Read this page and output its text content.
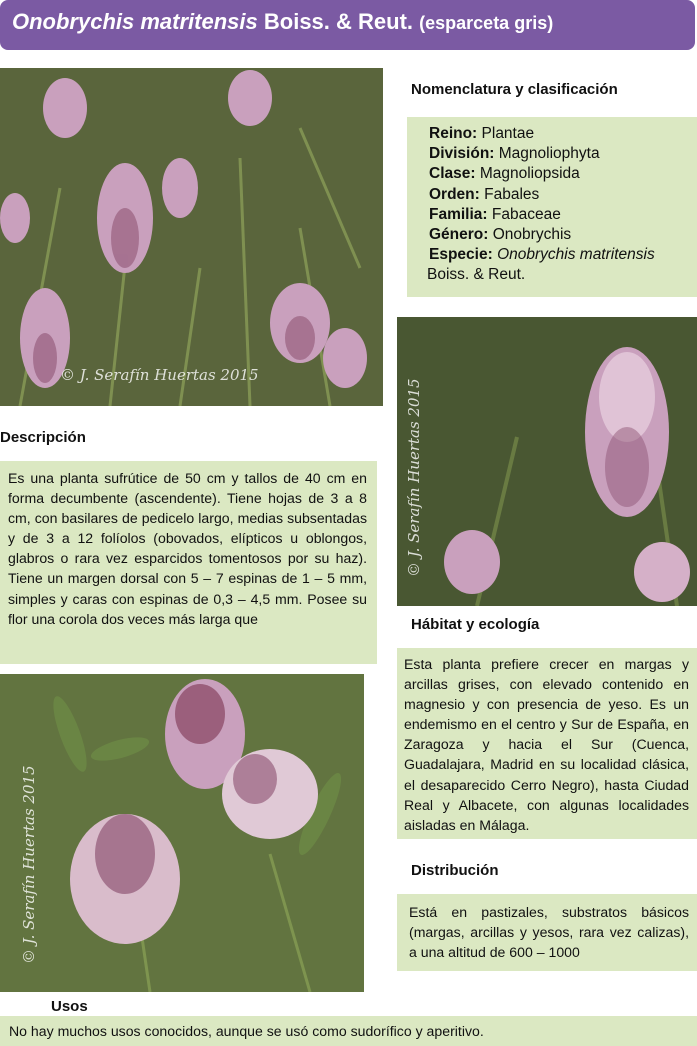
Onobrychis matritensis Boiss. & Reut. (esparceta gris)
© J. Serafín Huertas 2015
Nomenclatura y clasificación
Reino: Plantae
División: Magnoliophyta
Clase: Magnoliopsida
Orden: Fabales
Familia: Fabaceae
Género: Onobrychis
Especie: Onobrychis matritensis
Boiss. & Reut.
© J. Serafín Huertas 2015
Descripción
Es una planta sufrútice de 50 cm y tallos de 40 cm en forma decumbente (ascendente). Tiene hojas de 3 a 8 cm, con basilares de pedicelo largo, medias subsentadas y de 3 a 12 folíolos (obovados, elípticos u oblongos, glabros o rara vez esparcidos tomentosos por su haz). Tiene un margen dorsal con 5 – 7 espinas de 1 – 5 mm, simples y caras con espinas de 0,3 – 4,5 mm. Posee su flor una corola dos veces más larga que	Hábitat y ecología
Esta planta prefiere crecer en margas y arcillas grises, con elevado contenido en magnesio y con presencia de yeso. Es un endemismo en el centro y Sur de España, en Zaragoza y hacia el Sur (Cuenca, Guadalajara, Madrid en su localidad clásica, el desaparecido Cerro Negro), hasta Ciudad Real y Albacete, con algunas localidades aisladas en Málaga.
© J. Serafín Huertas 2015	Distribución
Está en pastizales, substratos básicos (margas, arcillas y yesos, rara vez calizas), a una altitud de 600 – 1000
Usos
No hay muchos usos conocidos, aunque se usó como sudorífico y aperitivo.
